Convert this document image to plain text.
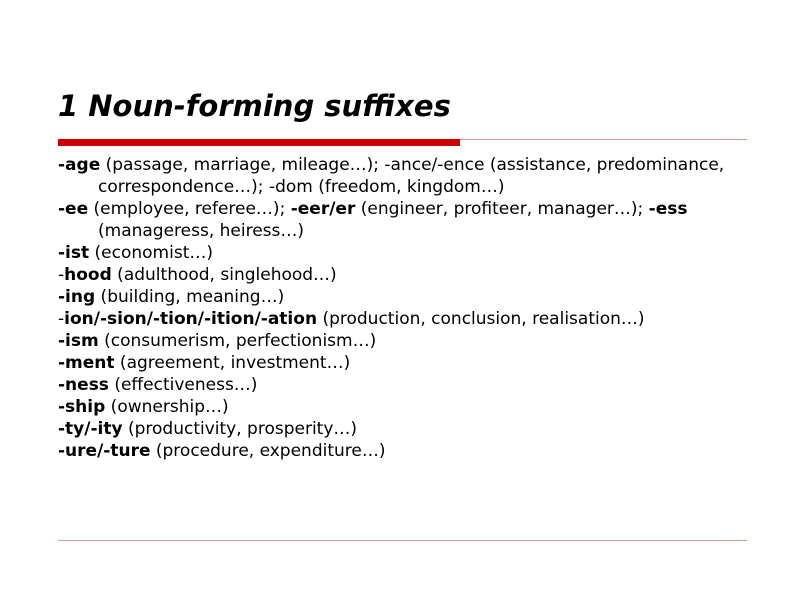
1 Noun-forming suffixes
-age (passage, marriage, mileage…); -ance/-ence (assistance, predominance, correspondence…); -dom (freedom, kingdom…)
-ee (employee, referee…); -eer/er (engineer, profiteer, manager…); -ess (manageress, heiress…)
-ist (economist…)
-hood (adulthood, singlehood…)
-ing (building, meaning…)
-ion/-sion/-tion/-ition/-ation (production, conclusion, realisation…)
-ism (consumerism, perfectionism…)
-ment (agreement, investment…)
-ness (effectiveness…)
-ship (ownership…)
-ty/-ity (productivity, prosperity…)
-ure/-ture (procedure, expenditure…)
